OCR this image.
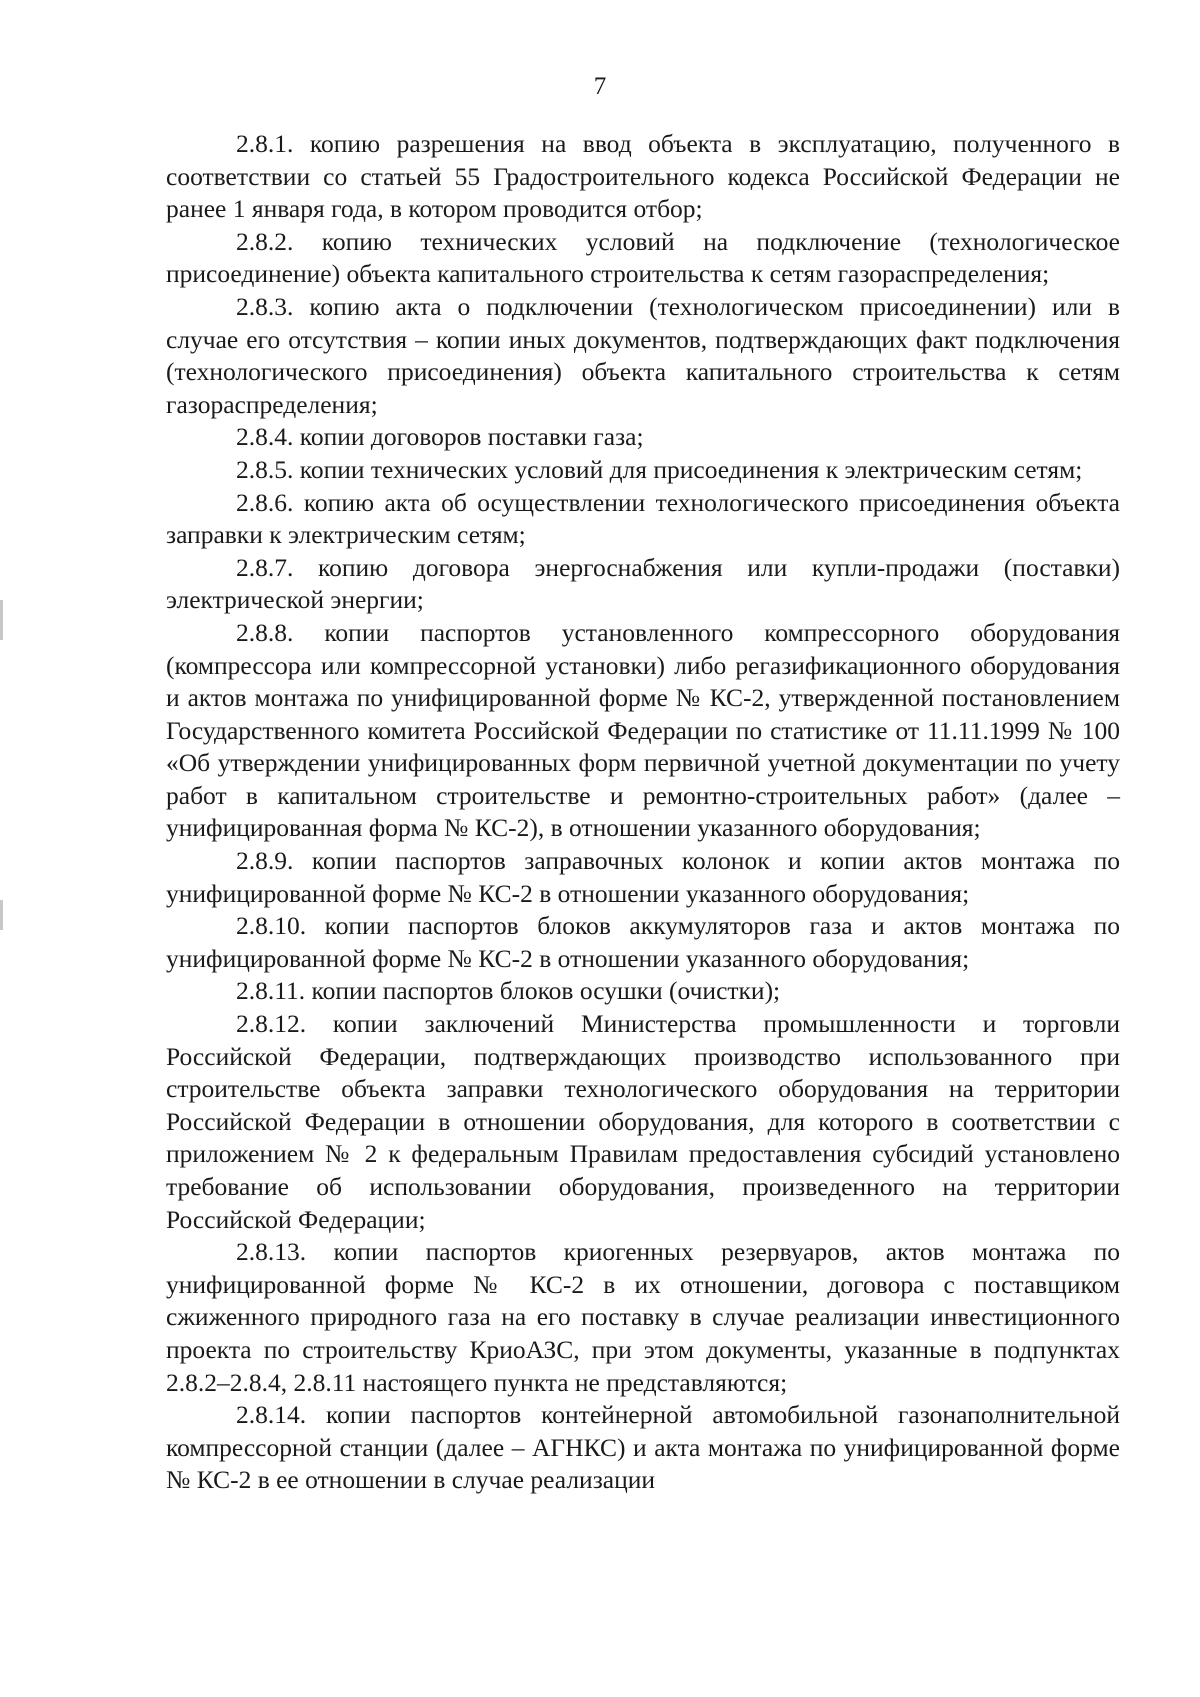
7

2.8.1. копию разрешения на ввод объекта в эксплуатацию, полученного в соответствии со статьей 55 Градостроительного кодекса Российской Федерации не ранее 1 января года, в котором проводится отбор;

2.8.2. копию технических условий на подключение (технологическое присоединение) объекта капитального строительства к сетям газораспределения;

2.8.3. копию акта о подключении (технологическом присоединении) или в случае его отсутствия – копии иных документов, подтверждающих факт подключения (технологического присоединения) объекта капитального строительства к сетям газораспределения;

2.8.4. копии договоров поставки газа;

2.8.5. копии технических условий для присоединения к электрическим сетям;

2.8.6. копию акта об осуществлении технологического присоединения объекта заправки к электрическим сетям;

2.8.7. копию договора энергоснабжения или купли-продажи (поставки) электрической энергии;

2.8.8. копии паспортов установленного компрессорного оборудования (компрессора или компрессорной установки) либо регазификационного оборудования и актов монтажа по унифицированной форме № КС-2, утвержденной постановлением Государственного комитета Российской Федерации по статистике от 11.11.1999 № 100 «Об утверждении унифицированных форм первичной учетной документации по учету работ в капитальном строительстве и ремонтно-строительных работ» (далее – унифицированная форма № КС-2), в отношении указанного оборудования;

2.8.9. копии паспортов заправочных колонок и копии актов монтажа по унифицированной форме № КС-2 в отношении указанного оборудования;

2.8.10. копии паспортов блоков аккумуляторов газа и актов монтажа по унифицированной форме № КС-2 в отношении указанного оборудования;

2.8.11. копии паспортов блоков осушки (очистки);

2.8.12. копии заключений Министерства промышленности и торговли Российской Федерации, подтверждающих производство использованного при строительстве объекта заправки технологического оборудования на территории Российской Федерации в отношении оборудования, для которого в соответствии с приложением № 2 к федеральным Правилам предоставления субсидий установлено требование об использовании оборудования, произведенного на территории Российской Федерации;

2.8.13. копии паспортов криогенных резервуаров, актов монтажа по унифицированной форме № КС-2 в их отношении, договора с поставщиком сжиженного природного газа на его поставку в случае реализации инвестиционного проекта по строительству КриоАЗС, при этом документы, указанные в подпунктах 2.8.2–2.8.4, 2.8.11 настоящего пункта не представляются;

2.8.14. копии паспортов контейнерной автомобильной газонаполнительной компрессорной станции (далее – АГНКС) и акта монтажа по унифицированной форме № КС-2 в ее отношении в случае реализации
